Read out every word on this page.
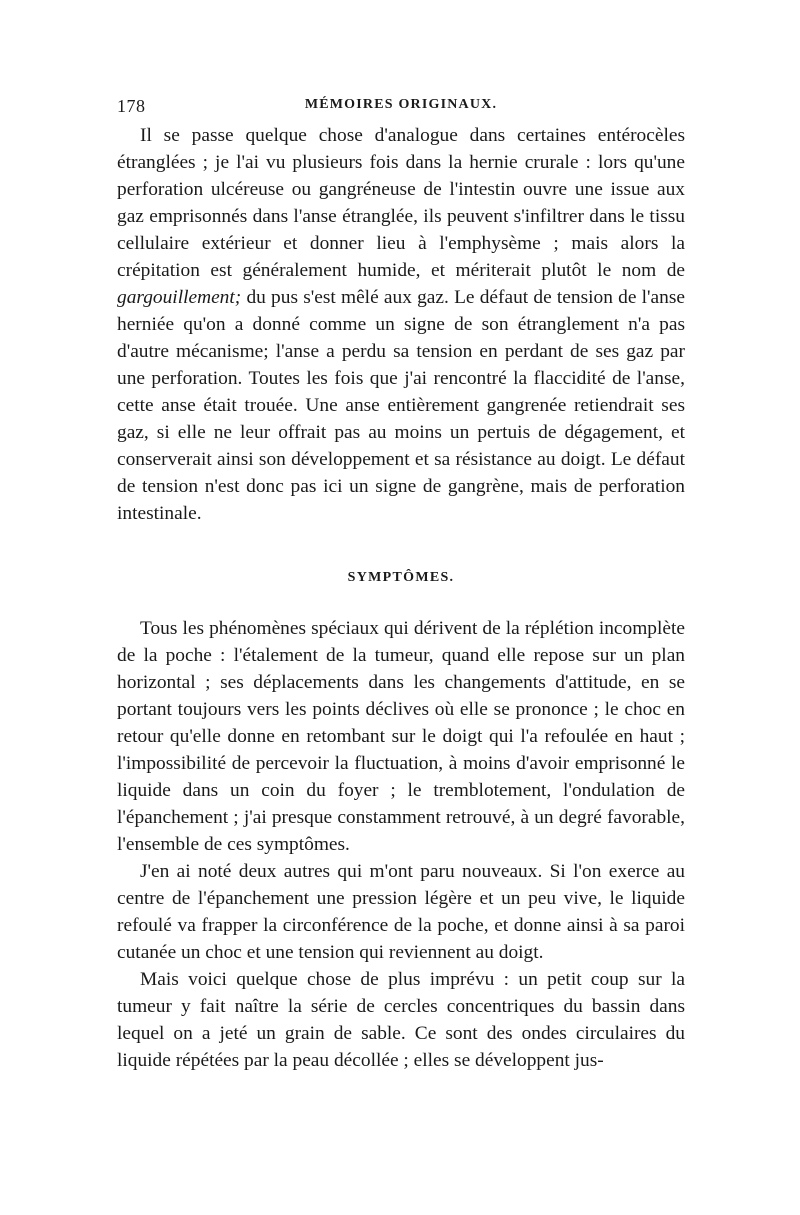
178	MÉMOIRES ORIGINAUX.

Il se passe quelque chose d'analogue dans certaines entérocèles étranglées ; je l'ai vu plusieurs fois dans la hernie crurale : lors qu'une perforation ulcéreuse ou gangréneuse de l'intestin ouvre une issue aux gaz emprisonnés dans l'anse étranglée, ils peuvent s'infiltrer dans le tissu cellulaire extérieur et donner lieu à l'emphysème ; mais alors la crépitation est généralement humide, et mériterait plutôt le nom de gargouillement; du pus s'est mêlé aux gaz. Le défaut de tension de l'anse herniée qu'on a donné comme un signe de son étranglement n'a pas d'autre mécanisme; l'anse a perdu sa tension en perdant de ses gaz par une perforation. Toutes les fois que j'ai rencontré la flaccidité de l'anse, cette anse était trouée. Une anse entièrement gangrenée retiendrait ses gaz, si elle ne leur offrait pas au moins un pertuis de dégagement, et conserverait ainsi son développement et sa résistance au doigt. Le défaut de tension n'est donc pas ici un signe de gangrène, mais de perforation intestinale.

SYMPTÔMES.

Tous les phénomènes spéciaux qui dérivent de la réplétion incomplète de la poche : l'étalement de la tumeur, quand elle repose sur un plan horizontal ; ses déplacements dans les changements d'attitude, en se portant toujours vers les points déclives où elle se prononce ; le choc en retour qu'elle donne en retombant sur le doigt qui l'a refoulée en haut ; l'impossibilité de percevoir la fluctuation, à moins d'avoir emprisonné le liquide dans un coin du foyer ; le tremblotement, l'ondulation de l'épanchement ; j'ai presque constamment retrouvé, à un degré favorable, l'ensemble de ces symptômes.

J'en ai noté deux autres qui m'ont paru nouveaux. Si l'on exerce au centre de l'épanchement une pression légère et un peu vive, le liquide refoulé va frapper la circonférence de la poche, et donne ainsi à sa paroi cutanée un choc et une tension qui reviennent au doigt.

Mais voici quelque chose de plus imprévu : un petit coup sur la tumeur y fait naître la série de cercles concentriques du bassin dans lequel on a jeté un grain de sable. Ce sont des ondes circulaires du liquide répétées par la peau décollée ; elles se développent jus-
